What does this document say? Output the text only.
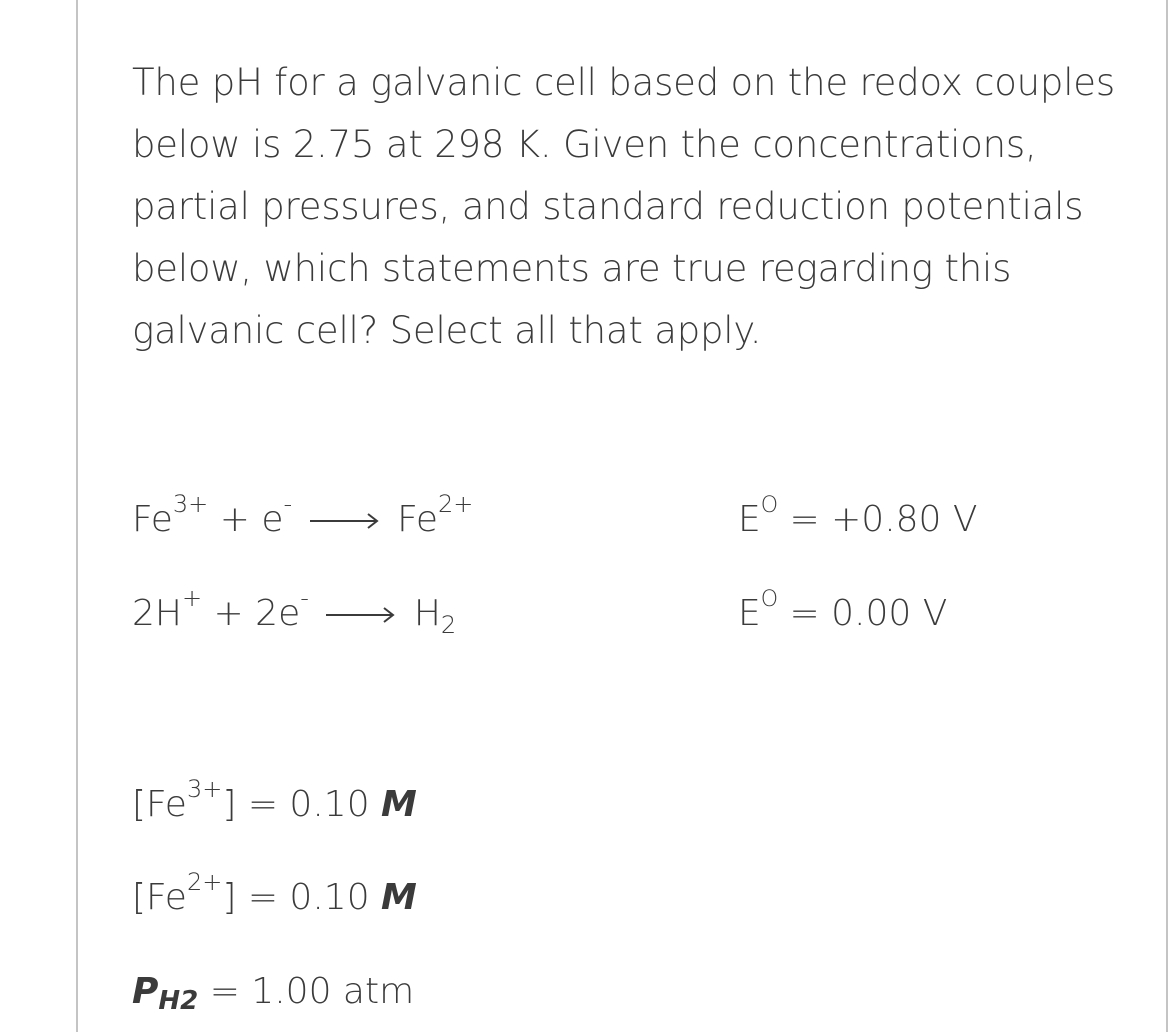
The pH for a galvanic cell based on the redox couples
below is 2.75 at 298 K. Given the concentrations,
partial pressures, and standard reduction potentials
below, which statements are true regarding this
galvanic cell? Select all that apply.
$Fe^{3+} + e^- \to Fe^{2+}$	$E^O = +0.80$ V
$2H^+ + 2e^- \to H_2$	$E^O = 0.00$ V
$[Fe^{3+}] = 0.10$ M
$[Fe^{2+}] = 0.10$ M
PH2 = 1.00 atm
